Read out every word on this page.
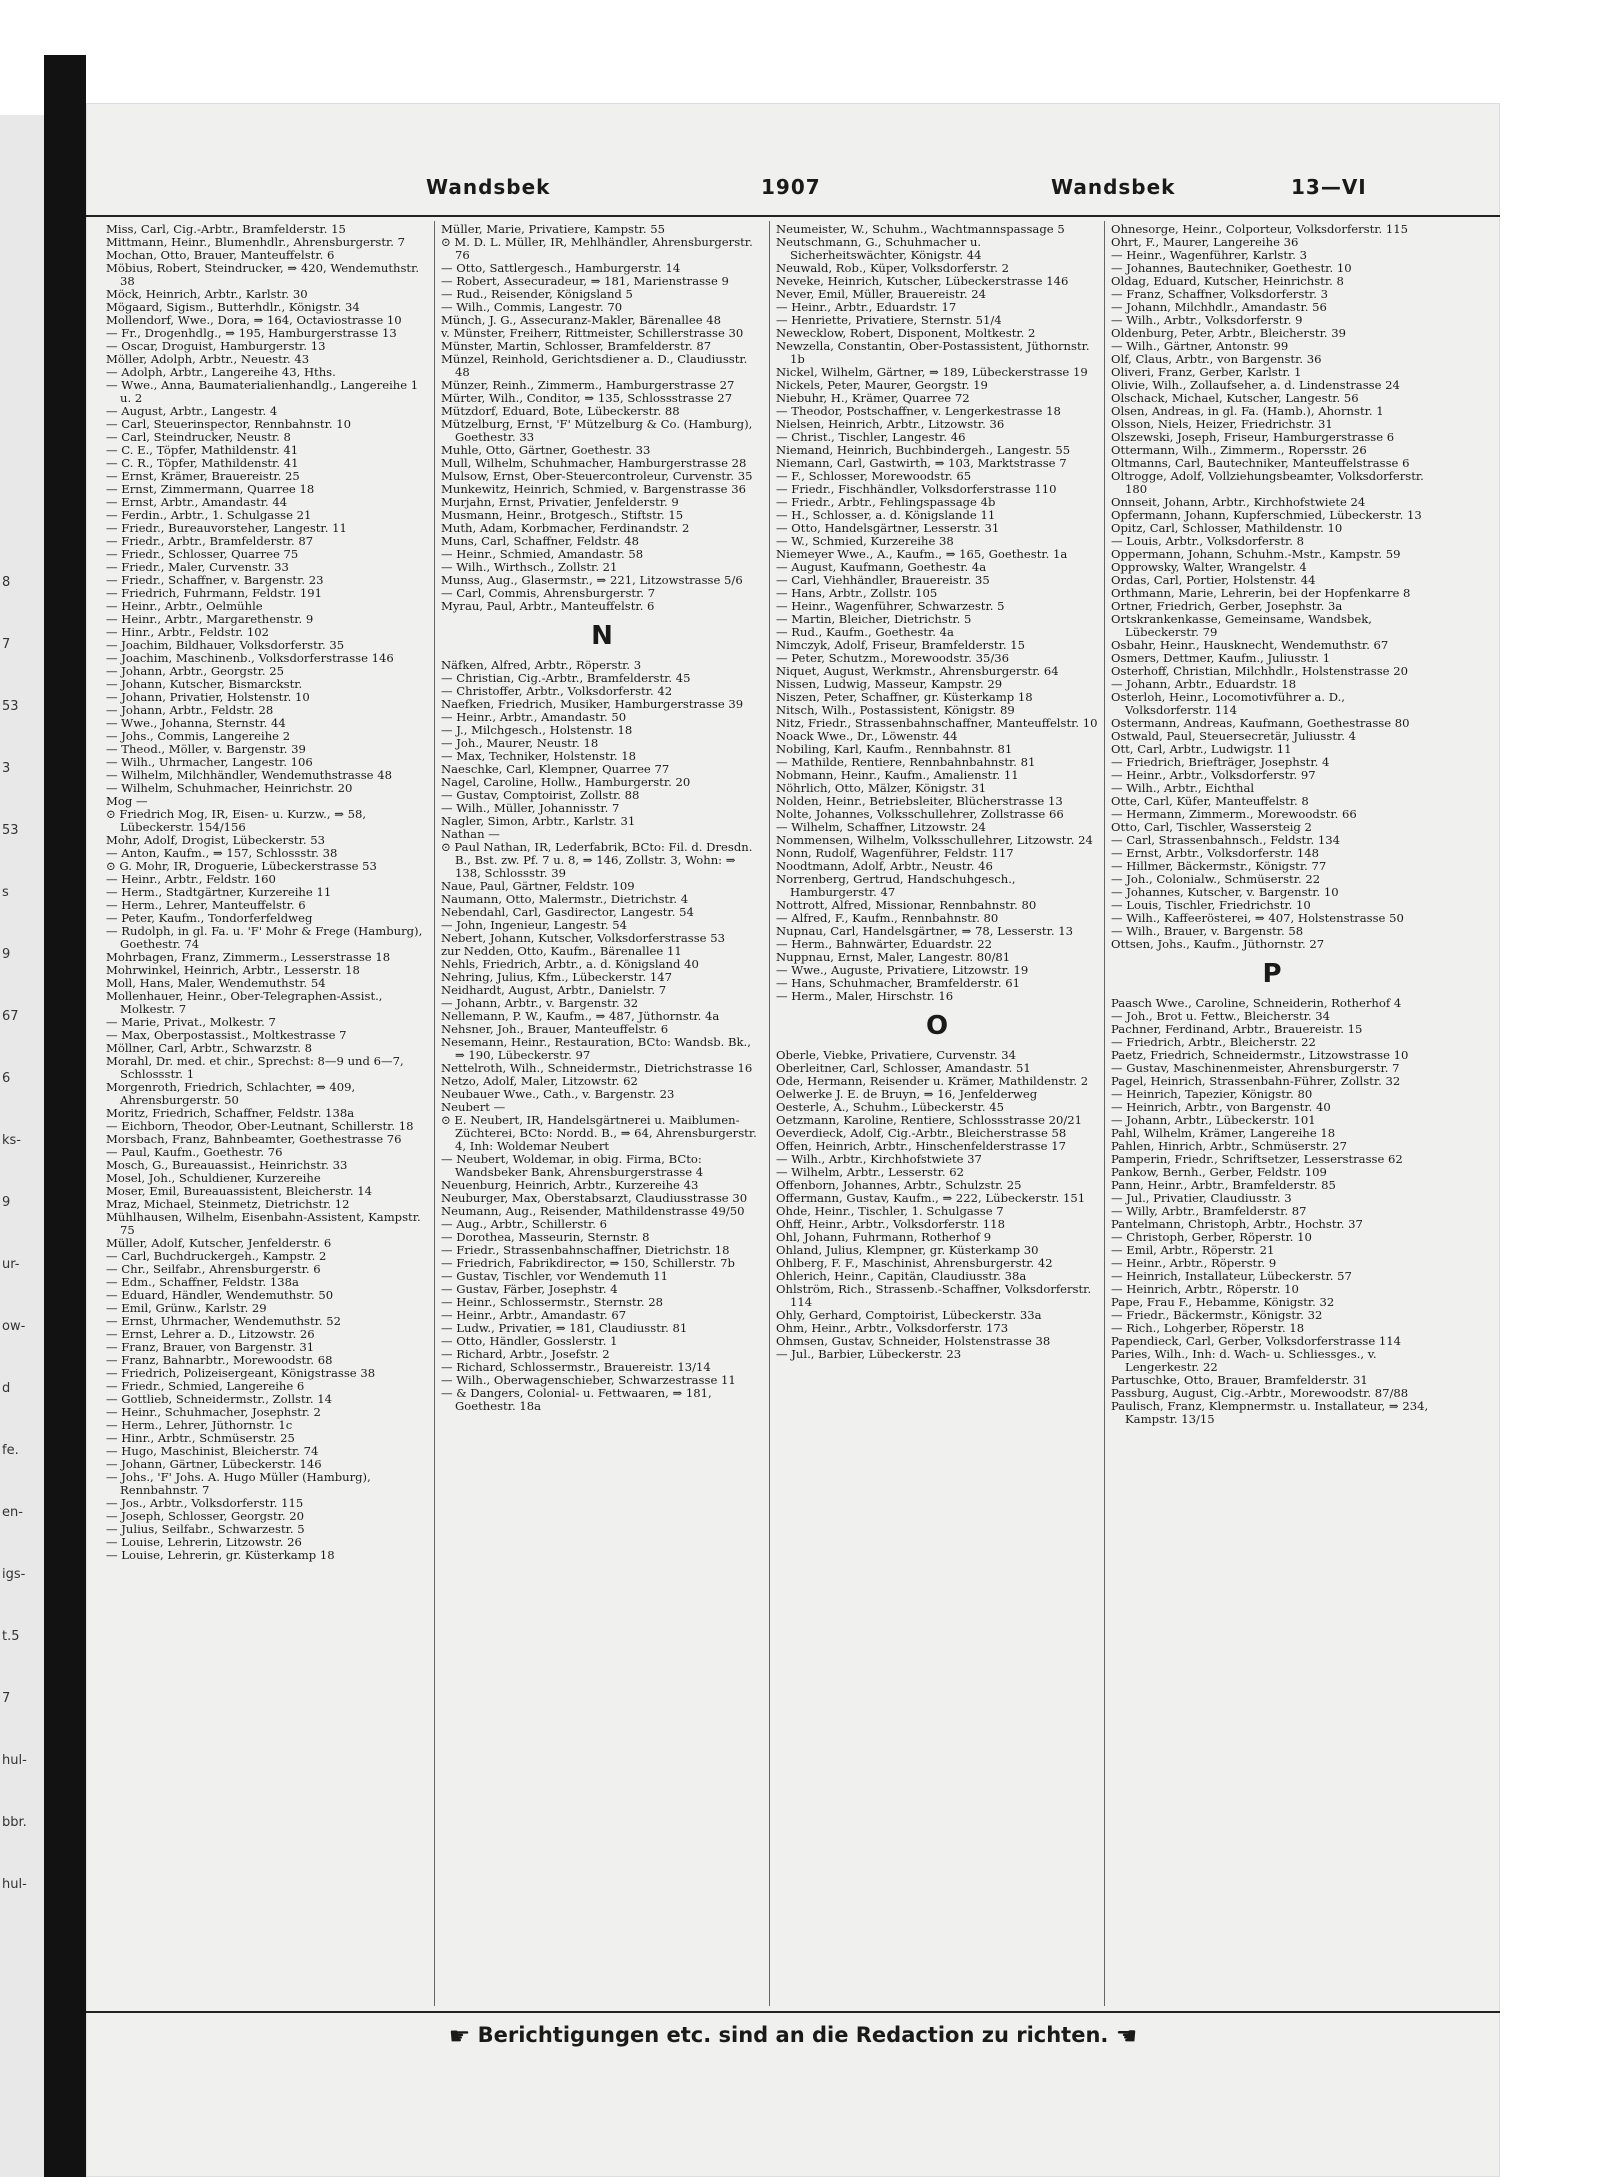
8
7
53
3
53
s
9
67
6
ks-
9
ur-
ow-
d
fe.
en-
igs-
t.5
7
hul-
bbr.
hul-
Wandsbek	1907	Wandsbek	13—VI
Miss, Carl, Cig.-Arbtr., Bramfelderstr. 15
Mittmann, Heinr., Blumenhdlr., Ahrensburgerstr. 7
Mochan, Otto, Brauer, Manteuffelstr. 6
Möbius, Robert, Steindrucker, ⇒ 420, Wendemuthstr. 38
Möck, Heinrich, Arbtr., Karlstr. 30
Mögaard, Sigism., Butterhdlr., Königstr. 34
Mollendorf, Wwe., Dora, ⇒ 164, Octaviostrasse 10
— Fr., Drogenhdlg., ⇒ 195, Hamburgerstrasse 13
— Oscar, Droguist, Hamburgerstr. 13
Möller, Adolph, Arbtr., Neuestr. 43
— Adolph, Arbtr., Langereihe 43, Hths.
— Wwe., Anna, Baumaterialienhandlg., Langereihe 1 u. 2
— August, Arbtr., Langestr. 4
— Carl, Steuerinspector, Rennbahnstr. 10
— Carl, Steindrucker, Neustr. 8
— C. E., Töpfer, Mathildenstr. 41
— C. R., Töpfer, Mathildenstr. 41
— Ernst, Krämer, Brauereistr. 25
— Ernst, Zimmermann, Quarree 18
— Ernst, Arbtr., Amandastr. 44
— Ferdin., Arbtr., 1. Schulgasse 21
— Friedr., Bureauvorsteher, Langestr. 11
— Friedr., Arbtr., Bramfelderstr. 87
— Friedr., Schlosser, Quarree 75
— Friedr., Maler, Curvenstr. 33
— Friedr., Schaffner, v. Bargenstr. 23
— Friedrich, Fuhrmann, Feldstr. 191
— Heinr., Arbtr., Oelmühle
— Heinr., Arbtr., Margarethenstr. 9
— Hinr., Arbtr., Feldstr. 102
— Joachim, Bildhauer, Volksdorferstr. 35
— Joachim, Maschinenb., Volksdorferstrasse 146
— Johann, Arbtr., Georgstr. 25
— Johann, Kutscher, Bismarckstr.
— Johann, Privatier, Holstenstr. 10
— Johann, Arbtr., Feldstr. 28
— Wwe., Johanna, Sternstr. 44
— Johs., Commis, Langereihe 2
— Theod., Möller, v. Bargenstr. 39
— Wilh., Uhrmacher, Langestr. 106
— Wilhelm, Milchhändler, Wendemuthstrasse 48
— Wilhelm, Schuhmacher, Heinrichstr. 20
Mog —
⊙ Friedrich Mog, IR, Eisen- u. Kurzw., ⇒ 58, Lübeckerstr. 154/156
Mohr, Adolf, Drogist, Lübeckerstr. 53
— Anton, Kaufm., ⇒ 157, Schlossstr. 38
⊙ G. Mohr, IR, Droguerie, Lübeckerstrasse 53
— Heinr., Arbtr., Feldstr. 160
— Herm., Stadtgärtner, Kurzereihe 11
— Herm., Lehrer, Manteuffelstr. 6
— Peter, Kaufm., Tondorferfeldweg
— Rudolph, in gl. Fa. u. 'F' Mohr & Frege (Hamburg), Goethestr. 74
Mohrbagen, Franz, Zimmerm., Lesserstrasse 18
Mohrwinkel, Heinrich, Arbtr., Lesserstr. 18
Moll, Hans, Maler, Wendemuthstr. 54
Mollenhauer, Heinr., Ober-Telegraphen-Assist., Molkestr. 7
— Marie, Privat., Molkestr. 7
— Max, Oberpostassist., Moltkestrasse 7
Möllner, Carl, Arbtr., Schwarzstr. 8
Morahl, Dr. med. et chir., Sprechst: 8—9 und 6—7, Schlossstr. 1
Morgenroth, Friedrich, Schlachter, ⇒ 409, Ahrensburgerstr. 50
Moritz, Friedrich, Schaffner, Feldstr. 138a
— Eichborn, Theodor, Ober-Leutnant, Schillerstr. 18
Morsbach, Franz, Bahnbeamter, Goethestrasse 76
— Paul, Kaufm., Goethestr. 76
Mosch, G., Bureauassist., Heinrichstr. 33
Mosel, Joh., Schuldiener, Kurzereihe
Moser, Emil, Bureauassistent, Bleicherstr. 14
Mraz, Michael, Steinmetz, Dietrichstr. 12
Mühlhausen, Wilhelm, Eisenbahn-Assistent, Kampstr. 75
Müller, Adolf, Kutscher, Jenfelderstr. 6
— Carl, Buchdruckergeh., Kampstr. 2
— Chr., Seilfabr., Ahrensburgerstr. 6
— Edm., Schaffner, Feldstr. 138a
— Eduard, Händler, Wendemuthstr. 50
— Emil, Grünw., Karlstr. 29
— Ernst, Uhrmacher, Wendemuthstr. 52
— Ernst, Lehrer a. D., Litzowstr. 26
— Franz, Brauer, von Bargenstr. 31
— Franz, Bahnarbtr., Morewoodstr. 68
— Friedrich, Polizeisergeant, Königstrasse 38
— Friedr., Schmied, Langereihe 6
— Gottlieb, Schneidermstr., Zollstr. 14
— Heinr., Schuhmacher, Josephstr. 2
— Herm., Lehrer, Jüthornstr. 1c
— Hinr., Arbtr., Schmüserstr. 25
— Hugo, Maschinist, Bleicherstr. 74
— Johann, Gärtner, Lübeckerstr. 146
— Johs., 'F' Johs. A. Hugo Müller (Hamburg), Rennbahnstr. 7
— Jos., Arbtr., Volksdorferstr. 115
— Joseph, Schlosser, Georgstr. 20
— Julius, Seilfabr., Schwarzestr. 5
— Louise, Lehrerin, Litzowstr. 26
— Louise, Lehrerin, gr. Küsterkamp 18
Müller, Marie, Privatiere, Kampstr. 55
⊙ M. D. L. Müller, IR, Mehlhändler, Ahrensburgerstr. 76
— Otto, Sattlergesch., Hamburgerstr. 14
— Robert, Assecuradeur, ⇒ 181, Marienstrasse 9
— Rud., Reisender, Königsland 5
— Wilh., Commis, Langestr. 70
Münch, J. G., Assecuranz-Makler, Bärenallee 48
v. Münster, Freiherr, Rittmeister, Schillerstrasse 30
Münster, Martin, Schlosser, Bramfelderstr. 87
Münzel, Reinhold, Gerichtsdiener a. D., Claudiusstr. 48
Münzer, Reinh., Zimmerm., Hamburgerstrasse 27
Mürter, Wilh., Conditor, ⇒ 135, Schlossstrasse 27
Mützdorf, Eduard, Bote, Lübeckerstr. 88
Mützelburg, Ernst, 'F' Mützelburg & Co. (Hamburg), Goethestr. 33
Muhle, Otto, Gärtner, Goethestr. 33
Mull, Wilhelm, Schuhmacher, Hamburgerstrasse 28
Mulsow, Ernst, Ober-Steuercontroleur, Curvenstr. 35
Munkewitz, Heinrich, Schmied, v. Bargenstrasse 36
Murjahn, Ernst, Privatier, Jenfelderstr. 9
Musmann, Heinr., Brotgesch., Stiftstr. 15
Muth, Adam, Korbmacher, Ferdinandstr. 2
Muns, Carl, Schaffner, Feldstr. 48
— Heinr., Schmied, Amandastr. 58
— Wilh., Wirthsch., Zollstr. 21
Munss, Aug., Glasermstr., ⇒ 221, Litzowstrasse 5/6
— Carl, Commis, Ahrensburgerstr. 7
Myrau, Paul, Arbtr., Manteuffelstr. 6
N
Näfken, Alfred, Arbtr., Röperstr. 3
— Christian, Cig.-Arbtr., Bramfelderstr. 45
— Christoffer, Arbtr., Volksdorferstr. 42
Naefken, Friedrich, Musiker, Hamburgerstrasse 39
— Heinr., Arbtr., Amandastr. 50
— J., Milchgesch., Holstenstr. 18
— Joh., Maurer, Neustr. 18
— Max, Techniker, Holstenstr. 18
Naeschke, Carl, Klempner, Quarree 77
Nagel, Caroline, Hollw., Hamburgerstr. 20
— Gustav, Comptoirist, Zollstr. 88
— Wilh., Müller, Johannisstr. 7
Nagler, Simon, Arbtr., Karlstr. 31
Nathan —
⊙ Paul Nathan, IR, Lederfabrik, BCto: Fil. d. Dresdn. B., Bst. zw. Pf. 7 u. 8, ⇒ 146, Zollstr. 3, Wohn: ⇒ 138, Schlossstr. 39
Naue, Paul, Gärtner, Feldstr. 109
Naumann, Otto, Malermstr., Dietrichstr. 4
Nebendahl, Carl, Gasdirector, Langestr. 54
— John, Ingenieur, Langestr. 54
Nebert, Johann, Kutscher, Volksdorferstrasse 53
zur Nedden, Otto, Kaufm., Bärenallee 11
Nehls, Friedrich, Arbtr., a. d. Königsland 40
Nehring, Julius, Kfm., Lübeckerstr. 147
Neidhardt, August, Arbtr., Danielstr. 7
— Johann, Arbtr., v. Bargenstr. 32
Nellemann, P. W., Kaufm., ⇒ 487, Jüthornstr. 4a
Nehsner, Joh., Brauer, Manteuffelstr. 6
Nesemann, Heinr., Restauration, BCto: Wandsb. Bk., ⇒ 190, Lübeckerstr. 97
Nettelroth, Wilh., Schneidermstr., Dietrichstrasse 16
Netzo, Adolf, Maler, Litzowstr. 62
Neubauer Wwe., Cath., v. Bargenstr. 23
Neubert —
⊙ E. Neubert, IR, Handelsgärtnerei u. Maiblumen-Züchterei, BCto: Nordd. B., ⇒ 64, Ahrensburgerstr. 4, Inh: Woldemar Neubert
— Neubert, Woldemar, in obig. Firma, BCto: Wandsbeker Bank, Ahrensburgerstrasse 4
Neuenburg, Heinrich, Arbtr., Kurzereihe 43
Neuburger, Max, Oberstabsarzt, Claudiusstrasse 30
Neumann, Aug., Reisender, Mathildenstrasse 49/50
— Aug., Arbtr., Schillerstr. 6
— Dorothea, Masseurin, Sternstr. 8
— Friedr., Strassenbahnschaffner, Dietrichstr. 18
— Friedrich, Fabrikdirector, ⇒ 150, Schillerstr. 7b
— Gustav, Tischler, vor Wendemuth 11
— Gustav, Färber, Josephstr. 4
— Heinr., Schlossermstr., Sternstr. 28
— Heinr., Arbtr., Amandastr. 67
— Ludw., Privatier, ⇒ 181, Claudiusstr. 81
— Otto, Händler, Gosslerstr. 1
— Richard, Arbtr., Josefstr. 2
— Richard, Schlossermstr., Brauereistr. 13/14
— Wilh., Oberwagenschieber, Schwarzestrasse 11
— & Dangers, Colonial- u. Fettwaaren, ⇒ 181, Goethestr. 18a
Neumeister, W., Schuhm., Wachtmannspassage 5
Neutschmann, G., Schuhmacher u. Sicherheitswächter, Königstr. 44
Neuwald, Rob., Küper, Volksdorferstr. 2
Neveke, Heinrich, Kutscher, Lübeckerstrasse 146
Never, Emil, Müller, Brauereistr. 24
— Heinr., Arbtr., Eduardstr. 17
— Henriette, Privatiere, Sternstr. 51/4
Newecklow, Robert, Disponent, Moltkestr. 2
Newzella, Constantin, Ober-Postassistent, Jüthornstr. 1b
Nickel, Wilhelm, Gärtner, ⇒ 189, Lübeckerstrasse 19
Nickels, Peter, Maurer, Georgstr. 19
Niebuhr, H., Krämer, Quarree 72
— Theodor, Postschaffner, v. Lengerkestrasse 18
Nielsen, Heinrich, Arbtr., Litzowstr. 36
— Christ., Tischler, Langestr. 46
Niemand, Heinrich, Buchbindergeh., Langestr. 55
Niemann, Carl, Gastwirth, ⇒ 103, Marktstrasse 7
— F., Schlosser, Morewoodstr. 65
— Friedr., Fischhändler, Volksdorferstrasse 110
— Friedr., Arbtr., Fehlingspassage 4b
— H., Schlosser, a. d. Königslande 11
— Otto, Handelsgärtner, Lesserstr. 31
— W., Schmied, Kurzereihe 38
Niemeyer Wwe., A., Kaufm., ⇒ 165, Goethestr. 1a
— August, Kaufmann, Goethestr. 4a
— Carl, Viehhändler, Brauereistr. 35
— Hans, Arbtr., Zollstr. 105
— Heinr., Wagenführer, Schwarzestr. 5
— Martin, Bleicher, Dietrichstr. 5
— Rud., Kaufm., Goethestr. 4a
Nimczyk, Adolf, Friseur, Bramfelderstr. 15
— Peter, Schutzm., Morewoodstr. 35/36
Niquet, August, Werkmstr., Ahrensburgerstr. 64
Nissen, Ludwig, Masseur, Kampstr. 29
Niszen, Peter, Schaffner, gr. Küsterkamp 18
Nitsch, Wilh., Postassistent, Königstr. 89
Nitz, Friedr., Strassenbahnschaffner, Manteuffelstr. 10
Noack Wwe., Dr., Löwenstr. 44
Nobiling, Karl, Kaufm., Rennbahnstr. 81
— Mathilde, Rentiere, Rennbahnbahnstr. 81
Nobmann, Heinr., Kaufm., Amalienstr. 11
Nöhrlich, Otto, Mälzer, Königstr. 31
Nolden, Heinr., Betriebsleiter, Blücherstrasse 13
Nolte, Johannes, Volksschullehrer, Zollstrasse 66
— Wilhelm, Schaffner, Litzowstr. 24
Nommensen, Wilhelm, Volksschullehrer, Litzowstr. 24
Nonn, Rudolf, Wagenführer, Feldstr. 117
Noodtmann, Adolf, Arbtr., Neustr. 46
Norrenberg, Gertrud, Handschuhgesch., Hamburgerstr. 47
Nottrott, Alfred, Missionar, Rennbahnstr. 80
— Alfred, F., Kaufm., Rennbahnstr. 80
Nupnau, Carl, Handelsgärtner, ⇒ 78, Lesserstr. 13
— Herm., Bahnwärter, Eduardstr. 22
Nuppnau, Ernst, Maler, Langestr. 80/81
— Wwe., Auguste, Privatiere, Litzowstr. 19
— Hans, Schuhmacher, Bramfelderstr. 61
— Herm., Maler, Hirschstr. 16
O
Oberle, Viebke, Privatiere, Curvenstr. 34
Oberleitner, Carl, Schlosser, Amandastr. 51
Ode, Hermann, Reisender u. Krämer, Mathildenstr. 2
Oelwerke J. E. de Bruyn, ⇒ 16, Jenfelderweg
Oesterle, A., Schuhm., Lübeckerstr. 45
Oetzmann, Karoline, Rentiere, Schlossstrasse 20/21
Oeverdieck, Adolf, Cig.-Arbtr., Bleicherstrasse 58
Offen, Heinrich, Arbtr., Hinschenfelderstrasse 17
— Wilh., Arbtr., Kirchhofstwiete 37
— Wilhelm, Arbtr., Lesserstr. 62
Offenborn, Johannes, Arbtr., Schulzstr. 25
Offermann, Gustav, Kaufm., ⇒ 222, Lübeckerstr. 151
Ohde, Heinr., Tischler, 1. Schulgasse 7
Ohff, Heinr., Arbtr., Volksdorferstr. 118
Ohl, Johann, Fuhrmann, Rotherhof 9
Ohland, Julius, Klempner, gr. Küsterkamp 30
Ohlberg, F. F., Maschinist, Ahrensburgerstr. 42
Ohlerich, Heinr., Capitän, Claudiusstr. 38a
Ohlström, Rich., Strassenb.-Schaffner, Volksdorferstr. 114
Ohly, Gerhard, Comptoirist, Lübeckerstr. 33a
Ohm, Heinr., Arbtr., Volksdorferstr. 173
Ohmsen, Gustav, Schneider, Holstenstrasse 38
— Jul., Barbier, Lübeckerstr. 23
Ohnesorge, Heinr., Colporteur, Volksdorferstr. 115
Ohrt, F., Maurer, Langereihe 36
— Heinr., Wagenführer, Karlstr. 3
— Johannes, Bautechniker, Goethestr. 10
Oldag, Eduard, Kutscher, Heinrichstr. 8
— Franz, Schaffner, Volksdorferstr. 3
— Johann, Milchhdlr., Amandastr. 56
— Wilh., Arbtr., Volksdorferstr. 9
Oldenburg, Peter, Arbtr., Bleicherstr. 39
— Wilh., Gärtner, Antonstr. 99
Olf, Claus, Arbtr., von Bargenstr. 36
Oliveri, Franz, Gerber, Karlstr. 1
Olivie, Wilh., Zollaufseher, a. d. Lindenstrasse 24
Olschack, Michael, Kutscher, Langestr. 56
Olsen, Andreas, in gl. Fa. (Hamb.), Ahornstr. 1
Olsson, Niels, Heizer, Friedrichstr. 31
Olszewski, Joseph, Friseur, Hamburgerstrasse 6
Ottermann, Wilh., Zimmerm., Ropersstr. 26
Oltmanns, Carl, Bautechniker, Manteuffelstrasse 6
Oltrogge, Adolf, Vollziehungsbeamter, Volksdorferstr. 180
Onnseit, Johann, Arbtr., Kirchhofstwiete 24
Opfermann, Johann, Kupferschmied, Lübeckerstr. 13
Opitz, Carl, Schlosser, Mathildenstr. 10
— Louis, Arbtr., Volksdorferstr. 8
Oppermann, Johann, Schuhm.-Mstr., Kampstr. 59
Opprowsky, Walter, Wrangelstr. 4
Ordas, Carl, Portier, Holstenstr. 44
Orthmann, Marie, Lehrerin, bei der Hopfenkarre 8
Ortner, Friedrich, Gerber, Josephstr. 3a
Ortskrankenkasse, Gemeinsame, Wandsbek, Lübeckerstr. 79
Osbahr, Heinr., Hausknecht, Wendemuthstr. 67
Osmers, Dettmer, Kaufm., Juliusstr. 1
Osterhoff, Christian, Milchhdlr., Holstenstrasse 20
— Johann, Arbtr., Eduardstr. 18
Osterloh, Heinr., Locomotivführer a. D., Volksdorferstr. 114
Ostermann, Andreas, Kaufmann, Goethestrasse 80
Ostwald, Paul, Steuersecretär, Juliusstr. 4
Ott, Carl, Arbtr., Ludwigstr. 11
— Friedrich, Briefträger, Josephstr. 4
— Heinr., Arbtr., Volksdorferstr. 97
— Wilh., Arbtr., Eichthal
Otte, Carl, Küfer, Manteuffelstr. 8
— Hermann, Zimmerm., Morewoodstr. 66
Otto, Carl, Tischler, Wassersteig 2
— Carl, Strassenbahnsch., Feldstr. 134
— Ernst, Arbtr., Volksdorferstr. 148
— Hillmer, Bäckermstr., Königstr. 77
— Joh., Colonialw., Schmüserstr. 22
— Johannes, Kutscher, v. Bargenstr. 10
— Louis, Tischler, Friedrichstr. 10
— Wilh., Kaffeerösterei, ⇒ 407, Holstenstrasse 50
— Wilh., Brauer, v. Bargenstr. 58
Ottsen, Johs., Kaufm., Jüthornstr. 27
P
Paasch Wwe., Caroline, Schneiderin, Rotherhof 4
— Joh., Brot u. Fettw., Bleicherstr. 34
Pachner, Ferdinand, Arbtr., Brauereistr. 15
— Friedrich, Arbtr., Bleicherstr. 22
Paetz, Friedrich, Schneidermstr., Litzowstrasse 10
— Gustav, Maschinenmeister, Ahrensburgerstr. 7
Pagel, Heinrich, Strassenbahn-Führer, Zollstr. 32
— Heinrich, Tapezier, Königstr. 80
— Heinrich, Arbtr., von Bargenstr. 40
— Johann, Arbtr., Lübeckerstr. 101
Pahl, Wilhelm, Krämer, Langereihe 18
Pahlen, Hinrich, Arbtr., Schmüserstr. 27
Pamperin, Friedr., Schriftsetzer, Lesserstrasse 62
Pankow, Bernh., Gerber, Feldstr. 109
Pann, Heinr., Arbtr., Bramfelderstr. 85
— Jul., Privatier, Claudiusstr. 3
— Willy, Arbtr., Bramfelderstr. 87
Pantelmann, Christoph, Arbtr., Hochstr. 37
— Christoph, Gerber, Röperstr. 10
— Emil, Arbtr., Röperstr. 21
— Heinr., Arbtr., Röperstr. 9
— Heinrich, Installateur, Lübeckerstr. 57
— Heinrich, Arbtr., Röperstr. 10
Pape, Frau F., Hebamme, Königstr. 32
— Friedr., Bäckermstr., Königstr. 32
— Rich., Lohgerber, Röperstr. 18
Papendieck, Carl, Gerber, Volksdorferstrasse 114
Paries, Wilh., Inh: d. Wach- u. Schliessges., v. Lengerkestr. 22
Partuschke, Otto, Brauer, Bramfelderstr. 31
Passburg, August, Cig.-Arbtr., Morewoodstr. 87/88
Paulisch, Franz, Klempnermstr. u. Installateur, ⇒ 234, Kampstr. 13/15
☛ Berichtigungen etc. sind an die Redaction zu richten. ☚
